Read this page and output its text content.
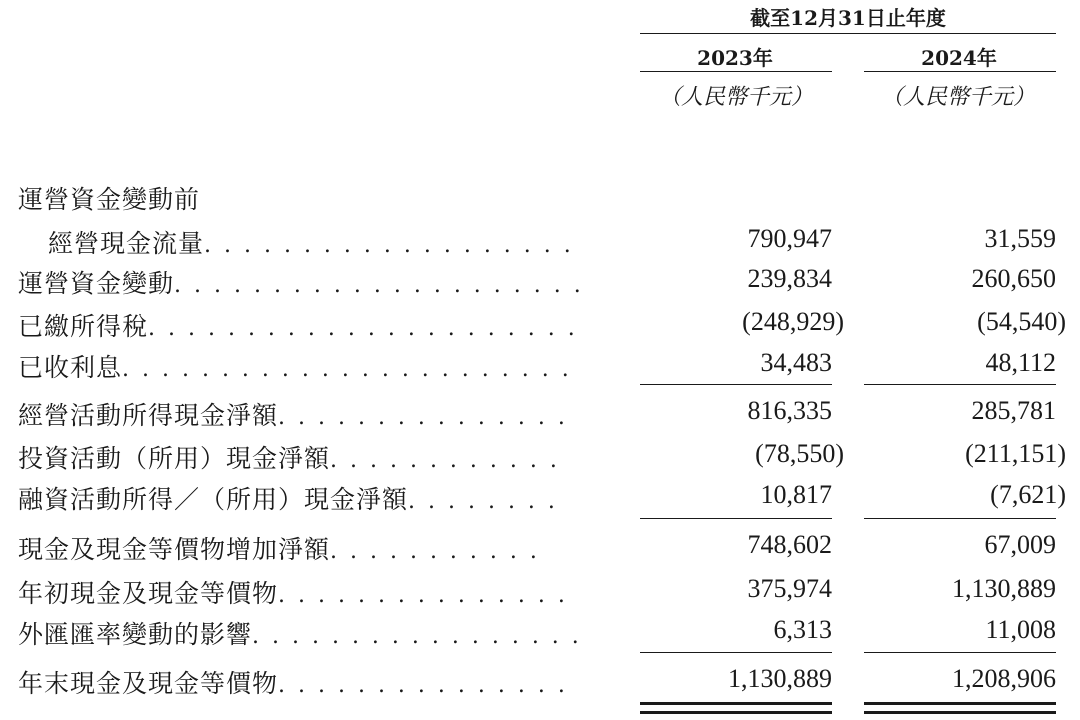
截至12月31日止年度
2023年	2024年
（人民幣千元）	（人民幣千元）
運營資金變動前
經營現金流量. . . . . . . . . . . . . . . . . . .	790,947	31,559
運營資金變動. . . . . . . . . . . . . . . . . . . . .	239,834	260,650
已繳所得稅. . . . . . . . . . . . . . . . . . . . . .	(248,929)	(54,540)
已收利息. . . . . . . . . . . . . . . . . . . . . . .	34,483	48,112
經營活動所得現金淨額. . . . . . . . . . . . . . .	816,335	285,781
投資活動（所用）現金淨額. . . . . . . . . . . .	(78,550)	(211,151)
融資活動所得／（所用）現金淨額. . . . . . . .	10,817	(7,621)
現金及現金等價物增加淨額. . . . . . . . . . .	748,602	67,009
年初現金及現金等價物. . . . . . . . . . . . . . .	375,974	1,130,889
外匯匯率變動的影響. . . . . . . . . . . . . . . . .	6,313	11,008
年末現金及現金等價物. . . . . . . . . . . . . . .	1,130,889	1,208,906
